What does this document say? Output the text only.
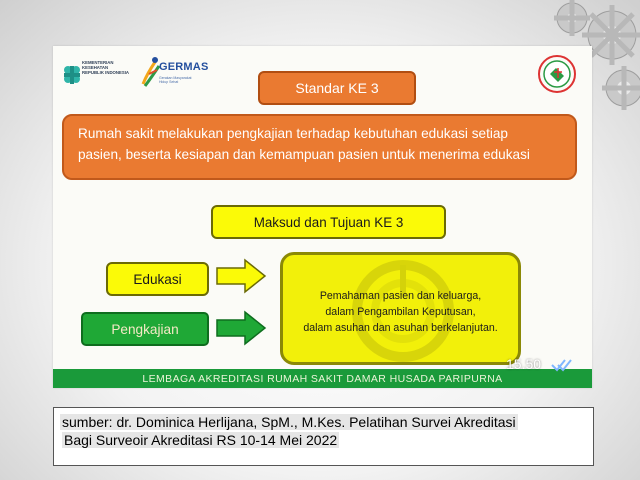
KEMENTERIAN KESEHATAN REPUBLIK INDONESIA	GERMAS
Gerakan Masyarakat Hidup Sehat	Standar KE 3
Rumah sakit melakukan pengkajian terhadap kebutuhan edukasi setiap
pasien, beserta kesiapan dan kemampuan pasien untuk menerima edukasi
Maksud dan Tujuan KE 3
Edukasi
Pengkajian
Pemahaman pasien dan keluarga,
dalam Pengambilan Keputusan,
dalam asuhan dan asuhan berkelanjutan.
LEMBAGA AKREDITASI RUMAH SAKIT DAMAR HUSADA PARIPURNA
15.50
sumber: dr. Dominica Herlijana, SpM., M.Kes. Pelatihan Survei Akreditasi
Bagi Surveoir Akreditasi RS 10-14 Mei 2022
